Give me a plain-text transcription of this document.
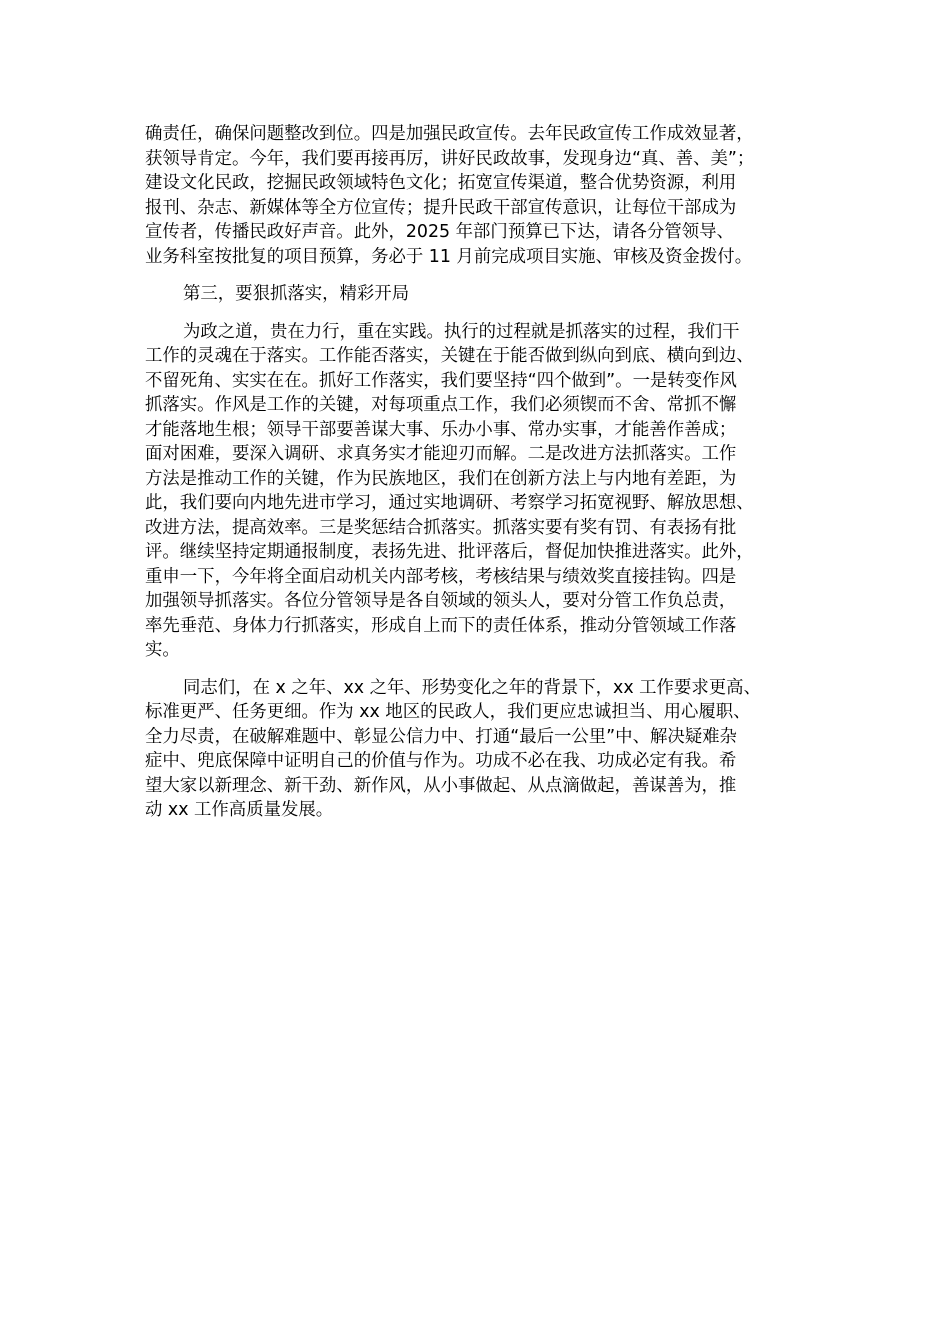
确责任，确保问题整改到位。四是加强民政宣传。去年民政宣传工作成效显著，
获领导肯定。今年，我们要再接再厉，讲好民政故事，发现身边“真、善、美”；
建设文化民政，挖掘民政领域特色文化；拓宽宣传渠道，整合优势资源，利用
报刊、杂志、新媒体等全方位宣传；提升民政干部宣传意识，让每位干部成为
宣传者，传播民政好声音。此外，2025 年部门预算已下达，请各分管领导、
业务科室按批复的项目预算，务必于 11 月前完成项目实施、审核及资金拨付。
第三，要狠抓落实，精彩开局
为政之道，贵在力行，重在实践。执行的过程就是抓落实的过程，我们干
工作的灵魂在于落实。工作能否落实，关键在于能否做到纵向到底、横向到边、
不留死角、实实在在。抓好工作落实，我们要坚持“四个做到”。一是转变作风
抓落实。作风是工作的关键，对每项重点工作，我们必须锲而不舍、常抓不懈
才能落地生根；领导干部要善谋大事、乐办小事、常办实事，才能善作善成；
面对困难，要深入调研、求真务实才能迎刃而解。二是改进方法抓落实。工作
方法是推动工作的关键，作为民族地区，我们在创新方法上与内地有差距，为
此，我们要向内地先进市学习，通过实地调研、考察学习拓宽视野、解放思想、
改进方法，提高效率。三是奖惩结合抓落实。抓落实要有奖有罚、有表扬有批
评。继续坚持定期通报制度，表扬先进、批评落后，督促加快推进落实。此外，
重申一下，今年将全面启动机关内部考核，考核结果与绩效奖直接挂钩。四是
加强领导抓落实。各位分管领导是各自领域的领头人，要对分管工作负总责，
率先垂范、身体力行抓落实，形成自上而下的责任体系，推动分管领域工作落
实。
同志们，在 x 之年、xx 之年、形势变化之年的背景下，xx 工作要求更高、
标准更严、任务更细。作为 xx 地区的民政人，我们更应忠诚担当、用心履职、
全力尽责，在破解难题中、彰显公信力中、打通“最后一公里”中、解决疑难杂
症中、兜底保障中证明自己的价值与作为。功成不必在我、功成必定有我。希
望大家以新理念、新干劲、新作风，从小事做起、从点滴做起，善谋善为，推
动 xx 工作高质量发展。
